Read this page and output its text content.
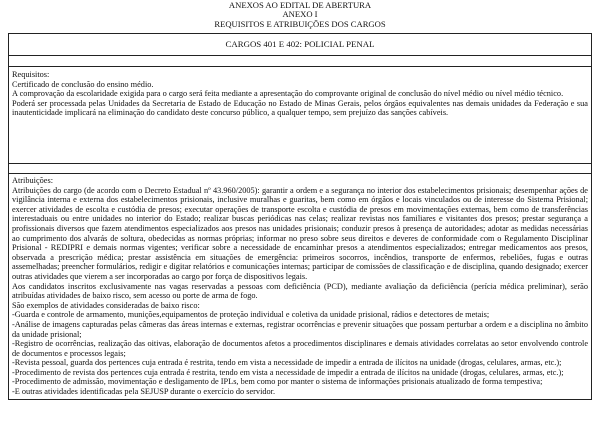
ANEXOS AO EDITAL DE ABERTURA
ANEXO I
REQUISITOS E ATRIBUIÇÕES DOS CARGOS
CARGOS 401 E 402: POLICIAL PENAL

Requisitos:

Certificado de conclusão do ensino médio.

A comprovação da escolaridade exigida para o cargo será feita mediante a apresentação do comprovante original de conclusão do nível médio ou nível médio técnico.

Poderá ser processada pelas Unidades da Secretaria de Estado de Educação no Estado de Minas Gerais, pelos órgãos equivalentes nas demais unidades da Federação e sua inautenticidade implicará na eliminação do candidato deste concurso público, a qualquer tempo, sem prejuízo das sanções cabíveis.

Atribuições:

Atribuições do cargo (de acordo com o Decreto Estadual nº 43.960/2005): garantir a ordem e a segurança no interior dos estabelecimentos prisionais; desempenhar ações de vigilância interna e externa dos estabelecimentos prisionais, inclusive muralhas e guaritas, bem como em órgãos e locais vinculados ou de interesse do Sistema Prisional; exercer atividades de escolta e custódia de presos; executar operações de transporte escolta e custódia de presos em movimentações externas, bem como de transferências interestaduais ou entre unidades no interior do Estado; realizar buscas periódicas nas celas; realizar revistas nos familiares e visitantes dos presos; prestar segurança a profissionais diversos que fazem atendimentos especializados aos presos nas unidades prisionais; conduzir presos à presença de autoridades; adotar as medidas necessárias ao cumprimento dos alvarás de soltura, obedecidas as normas próprias; informar no preso sobre seus direitos e deveres de conformidade com o Regulamento Disciplinar Prisional - REDIPRI e demais normas vigentes; verificar sobre a necessidade de encaminhar presos a atendimentos especializados; entregar medicamentos aos presos, observada a prescrição médica; prestar assistência em situações de emergência: primeiros socorros, incêndios, transporte de enfermos, rebeliões, fugas e outras assemelhadas; preencher formulários, redigir e digitar relatórios e comunicações internas; participar de comissões de classificação e de disciplina, quando designado; exercer outras atividades que vierem a ser incorporadas ao cargo por força de dispositivos legais.

Aos candidatos inscritos exclusivamente nas vagas reservadas a pessoas com deficiência (PCD), mediante avaliação da deficiência (perícia médica preliminar), serão atribuídas atividades de baixo risco, sem acesso ou porte de arma de fogo.

São exemplos de atividades consideradas de baixo risco:

-Guarda e controle de armamento, munições,equipamentos de proteção individual e coletiva da unidade prisional, rádios e detectores de metais;

-Análise de imagens capturadas pelas câmeras das áreas internas e externas, registrar ocorrências e prevenir situações que possam perturbar a ordem e a disciplina no âmbito da unidade prisional;

-Registro de ocorrências, realização das oitivas, elaboração de documentos afetos a procedimentos disciplinares e demais atividades correlatas ao setor envolvendo controle de documentos e processos legais;

-Revista pessoal, guarda dos pertences cuja entrada é restrita, tendo em vista a necessidade de impedir a entrada de ilícitos na unidade (drogas, celulares, armas, etc.);

-Procedimento de revista dos pertences cuja entrada é restrita, tendo em vista a necessidade de impedir a entrada de ilícitos na unidade (drogas, celulares, armas, etc.);

-Procedimento de admissão, movimentação e desligamento de IPLs, bem como por manter o sistema de informações prisionais atualizado de forma tempestiva;

-E outras atividades identificadas pela SEJUSP durante o exercício do servidor.
